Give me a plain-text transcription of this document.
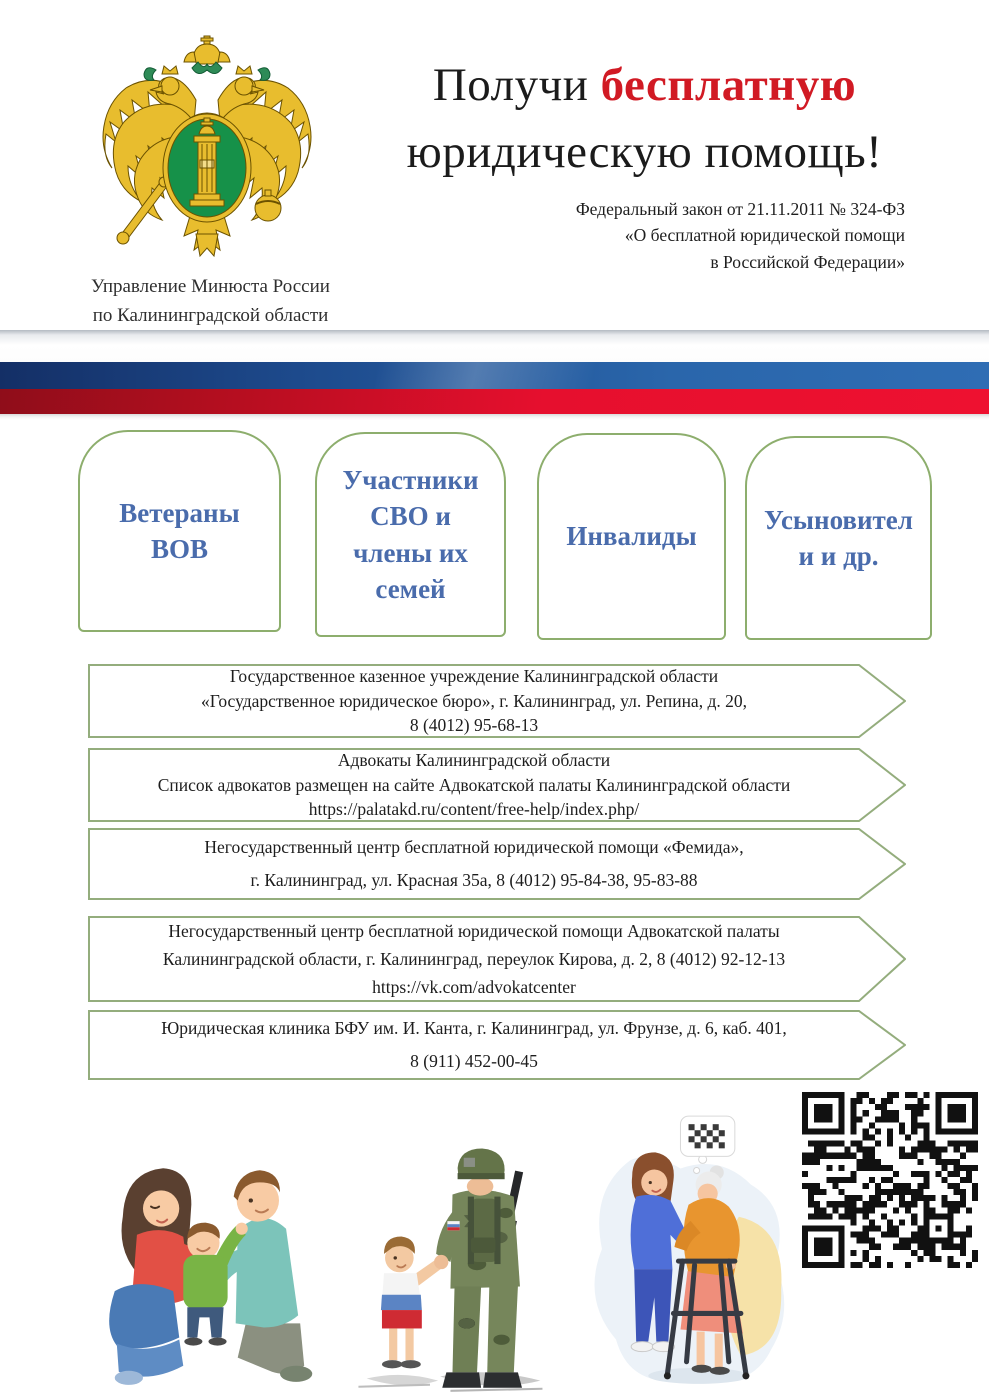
Управление Минюста России
по Калининградской области
Получи бесплатную
юридическую помощь!
Федеральный закон от 21.11.2011 № 324-ФЗ
«О бесплатной юридической помощи
в Российской Федерации»
Ветераны
ВОВ
Участники
СВО и
члены их
семей
Инвалиды
Усыновител
и и др.
Государственное казенное учреждение Калининградской области
«Государственное юридическое бюро», г. Калининград, ул. Репина, д. 20,
8 (4012) 95-68-13
Адвокаты Калининградской области
Список адвокатов размещен на сайте Адвокатской палаты Калининградской области
https://palatakd.ru/content/free-help/index.php/
Негосударственный центр бесплатной юридической помощи «Фемида»,
г. Калининград, ул. Красная 35а, 8 (4012) 95-84-38, 95-83-88
Негосударственный центр бесплатной юридической помощи Адвокатской палаты
Калининградской области, г. Калининград, переулок Кирова, д. 2, 8 (4012) 92-12-13
https://vk.com/advokatcenter
Юридическая клиника БФУ им. И. Канта, г. Калининград, ул. Фрунзе, д. 6, каб. 401,
8 (911) 452-00-45
